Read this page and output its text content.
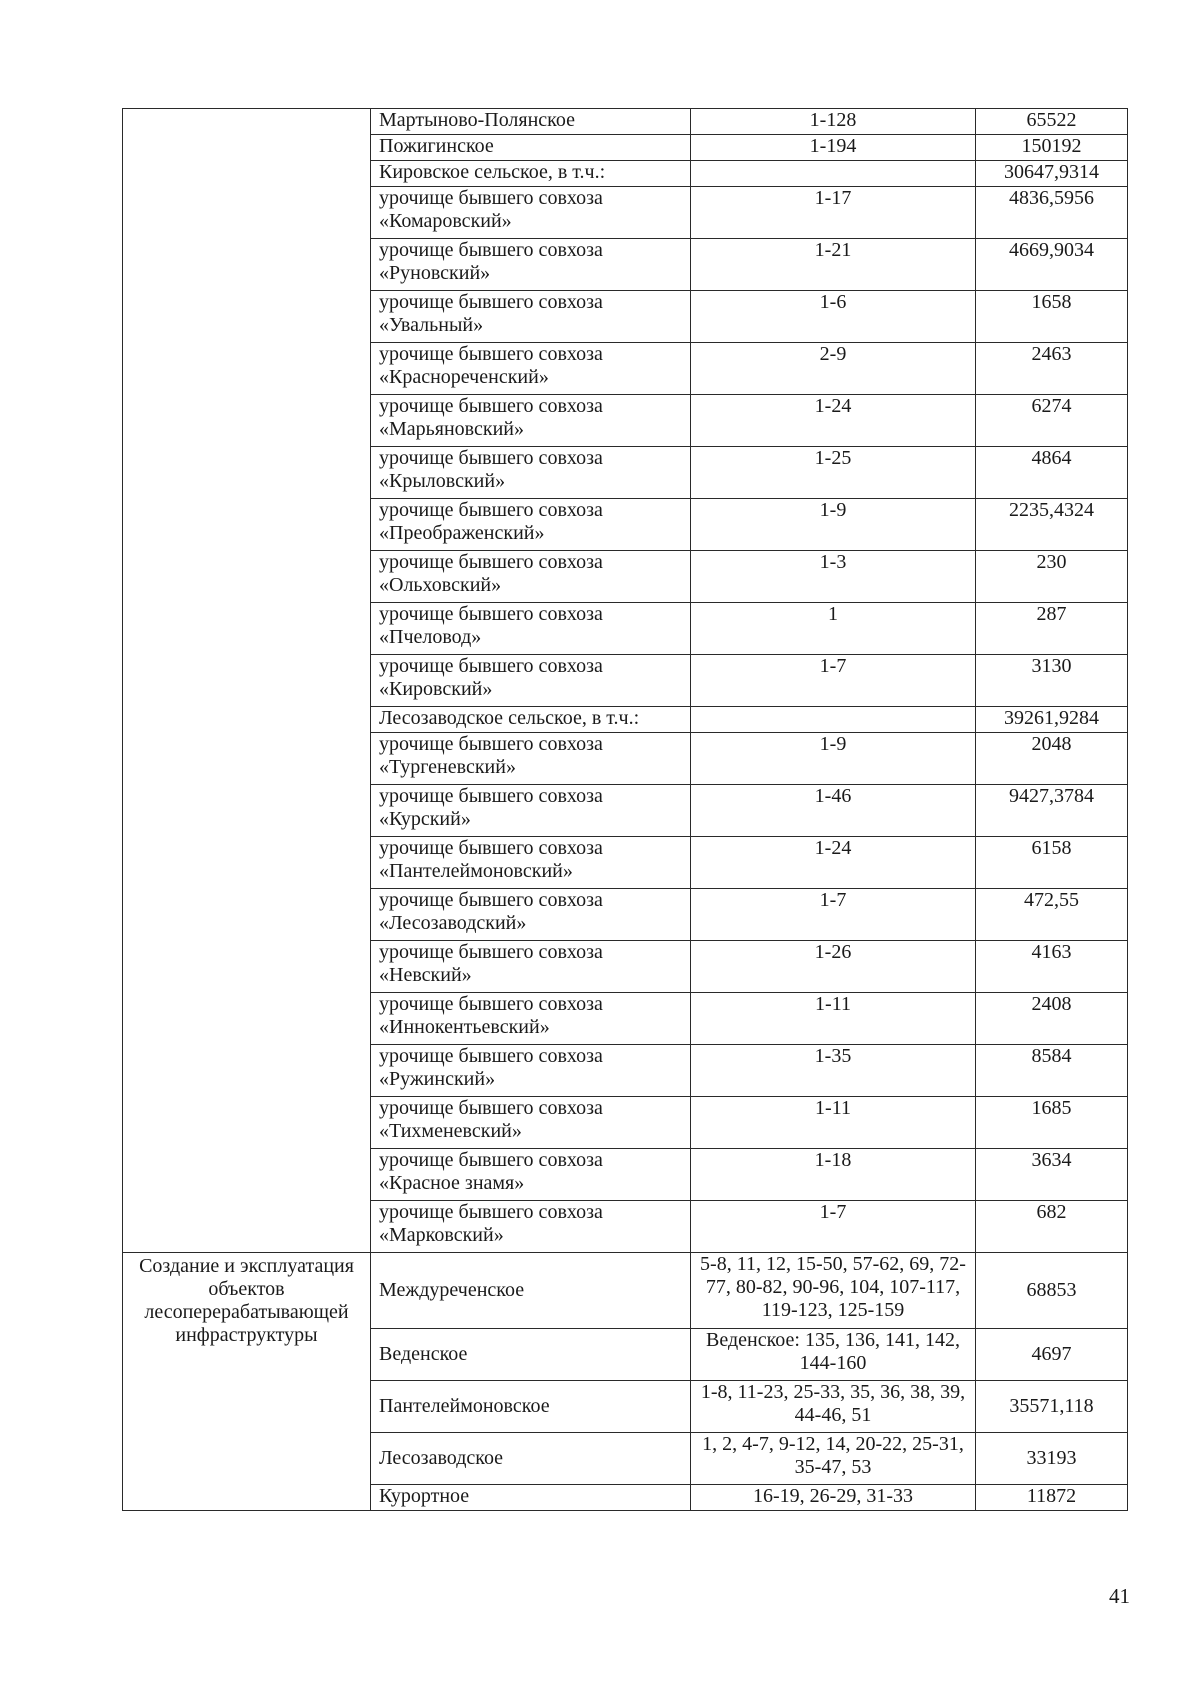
	Мартыново-Полянское	1-128	65522
	Пожигинское	1-194	150192
	Кировское сельское, в т.ч.:		30647,9314
	урочище бывшего совхоза «Комаровский»	1-17	4836,5956
	урочище бывшего совхоза «Руновский»	1-21	4669,9034
	урочище бывшего совхоза «Увальный»	1-6	1658
	урочище бывшего совхоза «Краснореченский»	2-9	2463
	урочище бывшего совхоза «Марьяновский»	1-24	6274
	урочище бывшего совхоза «Крыловский»	1-25	4864
	урочище бывшего совхоза «Преображенский»	1-9	2235,4324
	урочище бывшего совхоза «Ольховский»	1-3	230
	урочище бывшего совхоза «Пчеловод»	1	287
	урочище бывшего совхоза «Кировский»	1-7	3130
	Лесозаводское сельское, в т.ч.:		39261,9284
	урочище бывшего совхоза «Тургеневский»	1-9	2048
	урочище бывшего совхоза «Курский»	1-46	9427,3784
	урочище бывшего совхоза «Пантелеймоновский»	1-24	6158
	урочище бывшего совхоза «Лесозаводский»	1-7	472,55
	урочище бывшего совхоза «Невский»	1-26	4163
	урочище бывшего совхоза «Иннокентьевский»	1-11	2408
	урочище бывшего совхоза «Ружинский»	1-35	8584
	урочище бывшего совхоза «Тихменевский»	1-11	1685
	урочище бывшего совхоза «Красное знамя»	1-18	3634
	урочище бывшего совхоза «Марковский»	1-7	682
Создание и эксплуатация объектов лесоперерабатывающей инфраструктуры	Междуреченское	5-8, 11, 12, 15-50, 57-62, 69, 72-77, 80-82, 90-96, 104, 107-117, 119-123, 125-159	68853
	Веденское	Веденское: 135, 136, 141, 142, 144-160	4697
	Пантелеймоновское	1-8, 11-23, 25-33, 35, 36, 38, 39, 44-46, 51	35571,118
	Лесозаводское	1, 2, 4-7, 9-12, 14, 20-22, 25-31, 35-47, 53	33193
	Курортное	16-19, 26-29, 31-33	11872
41
